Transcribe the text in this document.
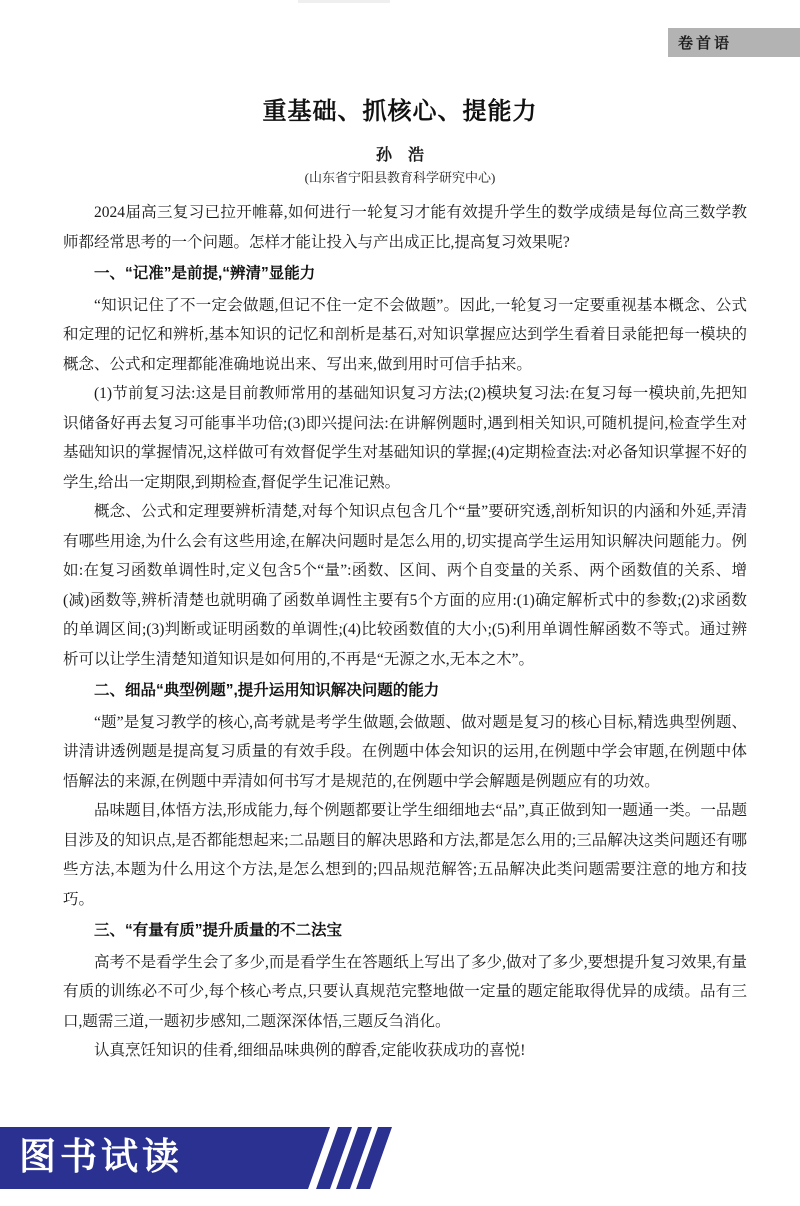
卷首语
重基础、抓核心、提能力
孙　浩
(山东省宁阳县教育科学研究中心)

2024届高三复习已拉开帷幕,如何进行一轮复习才能有效提升学生的数学成绩是每位高三数学教师都经常思考的一个问题。怎样才能让投入与产出成正比,提高复习效果呢?

一、“记准”是前提,“辨清”显能力

“知识记住了不一定会做题,但记不住一定不会做题”。因此,一轮复习一定要重视基本概念、公式和定理的记忆和辨析,基本知识的记忆和剖析是基石,对知识掌握应达到学生看着目录能把每一模块的概念、公式和定理都能准确地说出来、写出来,做到用时可信手拈来。

(1)节前复习法:这是目前教师常用的基础知识复习方法;(2)模块复习法:在复习每一模块前,先把知识储备好再去复习可能事半功倍;(3)即兴提问法:在讲解例题时,遇到相关知识,可随机提问,检查学生对基础知识的掌握情况,这样做可有效督促学生对基础知识的掌握;(4)定期检查法:对必备知识掌握不好的学生,给出一定期限,到期检查,督促学生记准记熟。

概念、公式和定理要辨析清楚,对每个知识点包含几个“量”要研究透,剖析知识的内涵和外延,弄清有哪些用途,为什么会有这些用途,在解决问题时是怎么用的,切实提高学生运用知识解决问题能力。例如:在复习函数单调性时,定义包含5个“量”:函数、区间、两个自变量的关系、两个函数值的关系、增(减)函数等,辨析清楚也就明确了函数单调性主要有5个方面的应用:(1)确定解析式中的参数;(2)求函数的单调区间;(3)判断或证明函数的单调性;(4)比较函数值的大小;(5)利用单调性解函数不等式。通过辨析可以让学生清楚知道知识是如何用的,不再是“无源之水,无本之木”。

二、细品“典型例题”,提升运用知识解决问题的能力

“题”是复习教学的核心,高考就是考学生做题,会做题、做对题是复习的核心目标,精选典型例题、讲清讲透例题是提高复习质量的有效手段。在例题中体会知识的运用,在例题中学会审题,在例题中体悟解法的来源,在例题中弄清如何书写才是规范的,在例题中学会解题是例题应有的功效。

品味题目,体悟方法,形成能力,每个例题都要让学生细细地去“品”,真正做到知一题通一类。一品题目涉及的知识点,是否都能想起来;二品题目的解决思路和方法,都是怎么用的;三品解决这类问题还有哪些方法,本题为什么用这个方法,是怎么想到的;四品规范解答;五品解决此类问题需要注意的地方和技巧。

三、“有量有质”提升质量的不二法宝

高考不是看学生会了多少,而是看学生在答题纸上写出了多少,做对了多少,要想提升复习效果,有量有质的训练必不可少,每个核心考点,只要认真规范完整地做一定量的题定能取得优异的成绩。品有三口,题需三道,一题初步感知,二题深深体悟,三题反刍消化。

认真烹饪知识的佳肴,细细品味典例的醇香,定能收获成功的喜悦!

图书试读
